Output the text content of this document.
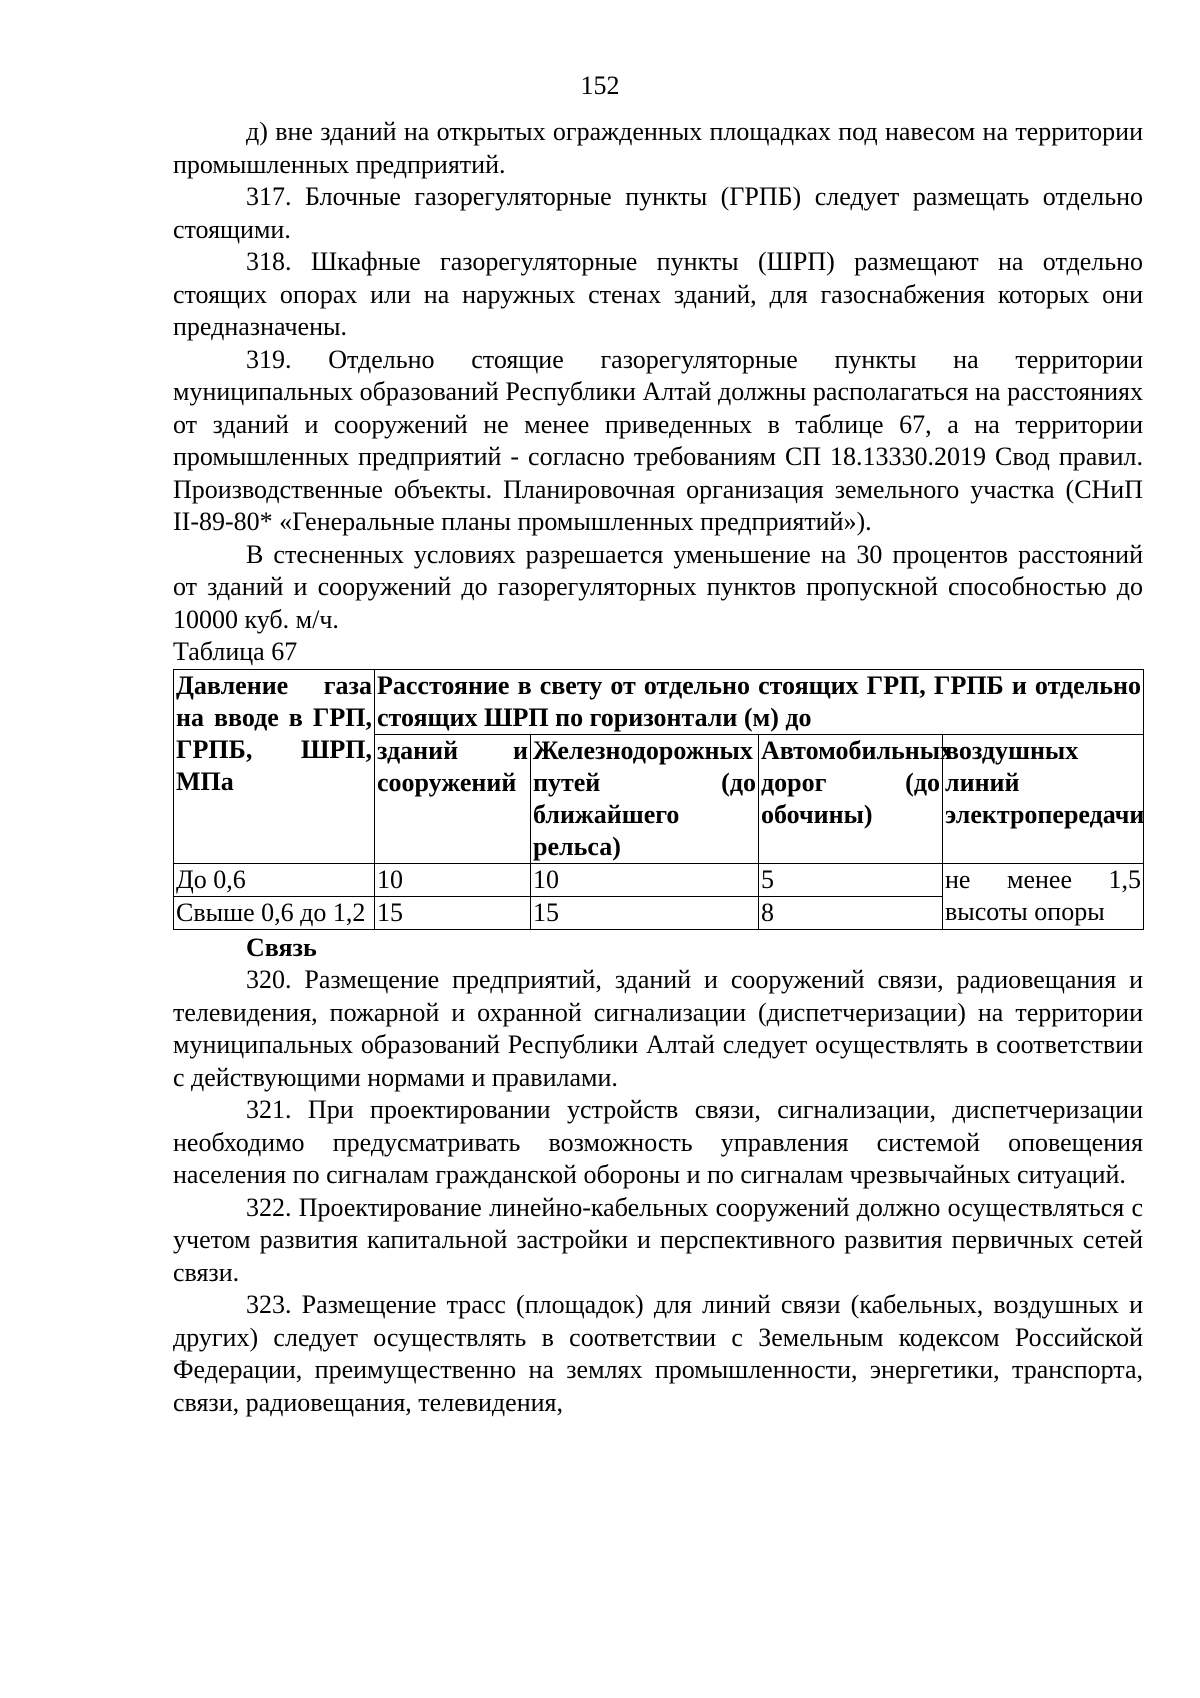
152

д) вне зданий на открытых огражденных площадках под навесом на территории промышленных предприятий.

317. Блочные газорегуляторные пункты (ГРПБ) следует размещать отдельно стоящими.

318. Шкафные газорегуляторные пункты (ШРП) размещают на отдельно стоящих опорах или на наружных стенах зданий, для газоснабжения которых они предназначены.

319. Отдельно стоящие газорегуляторные пункты на территории муниципальных образований Республики Алтай должны располагаться на расстояниях от зданий и сооружений не менее приведенных в таблице 67, а на территории промышленных предприятий - согласно требованиям СП 18.13330.2019 Свод правил. Производственные объекты. Планировочная организация земельного участка (СНиП II-89-80* «Генеральные планы промышленных предприятий»).

В стесненных условиях разрешается уменьшение на 30 процентов расстояний от зданий и сооружений до газорегуляторных пунктов пропускной способностью до 10000 куб. м/ч.

Таблица 67

Давление газа на вводе в ГРП, ГРПБ, ШРП, МПа	Расстояние в свету от отдельно стоящих ГРП, ГРПБ и отдельно стоящих ШРП по горизонтали (м) до			
	зданий и сооружений	Железнодорожных путей (до ближайшего рельса)	Автомобильных дорог (до обочины)	воздушных линий электропередачи
До 0,6	10	10	5	не менее 1,5 высоты опоры
Свыше 0,6 до 1,2	15	15	8	

Связь

320. Размещение предприятий, зданий и сооружений связи, радиовещания и телевидения, пожарной и охранной сигнализации (диспетчеризации) на территории муниципальных образований Республики Алтай следует осуществлять в соответствии с действующими нормами и правилами.

321. При проектировании устройств связи, сигнализации, диспетчеризации необходимо предусматривать возможность управления системой оповещения населения по сигналам гражданской обороны и по сигналам чрезвычайных ситуаций.

322. Проектирование линейно-кабельных сооружений должно осуществляться с учетом развития капитальной застройки и перспективного развития первичных сетей связи.

323. Размещение трасс (площадок) для линий связи (кабельных, воздушных и других) следует осуществлять в соответствии с Земельным кодексом Российской Федерации, преимущественно на землях промышленности, энергетики, транспорта, связи, радиовещания, телевидения,
